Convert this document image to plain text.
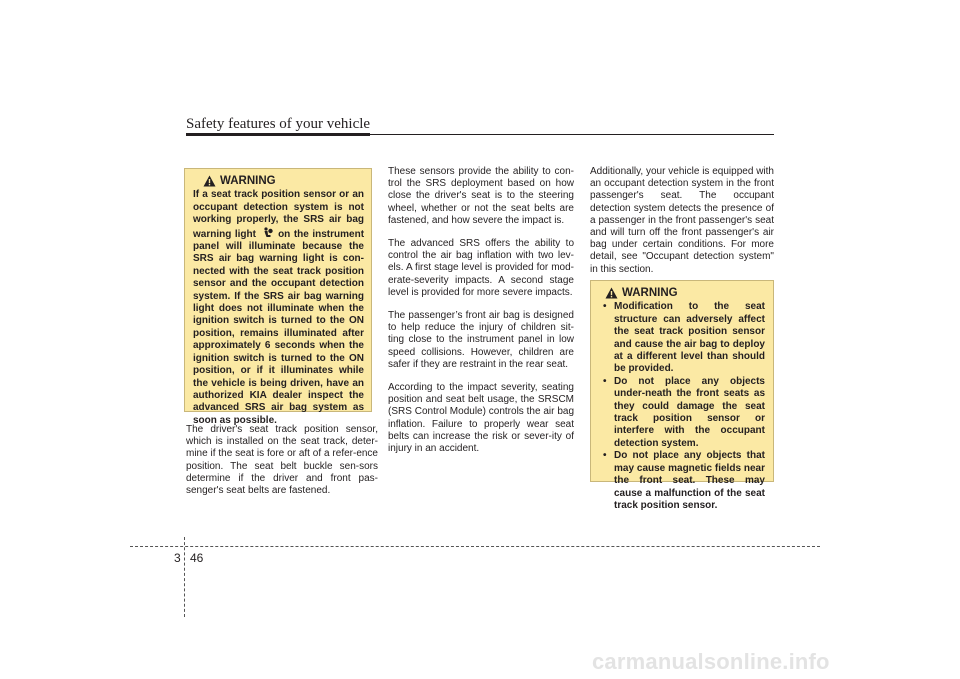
Safety features of your vehicle
WARNING
If a seat track position sensor or an occupant detection system is not working properly, the SRS air bag warning light on the instrument panel will illuminate because the SRS air bag warning light is con-nected with the seat track position sensor and the occupant detection system. If the SRS air bag warning light does not illuminate when the ignition switch is turned to the ON position, remains illuminated after approximately 6 seconds when the ignition switch is turned to the ON position, or if it illuminates while the vehicle is being driven, have an authorized KIA dealer inspect the advanced SRS air bag system as soon as possible.

The driver's seat track position sensor, which is installed on the seat track, deter-mine if the seat is fore or aft of a refer-ence position. The seat belt buckle sen-sors determine if the driver and front pas-senger's seat belts are fastened.

These sensors provide the ability to con-trol the SRS deployment based on how close the driver's seat is to the steering wheel, whether or not the seat belts are fastened, and how severe the impact is.

The advanced SRS offers the ability to control the air bag inflation with two lev-els. A first stage level is provided for mod-erate-severity impacts. A second stage level is provided for more severe impacts.

The passenger’s front air bag is designed to help reduce the injury of children sit-ting close to the instrument panel in low speed collisions. However, children are safer if they are restraint in the rear seat.

According to the impact severity, seating position and seat belt usage, the SRSCM (SRS Control Module) controls the air bag inflation. Failure to properly wear seat belts can increase the risk or sever-ity of injury in an accident.

Additionally, your vehicle is equipped with an occupant detection system in the front passenger's seat. The occupant detection system detects the presence of a passenger in the front passenger's seat and will turn off the front passenger's air bag under certain conditions. For more detail, see "Occupant detection system" in this section.

WARNING
• Modification to the seat structure can adversely affect the seat track position sensor and cause the air bag to deploy at a different level than should be provided.
• Do not place any objects under-neath the front seats as they could damage the seat track position sensor or interfere with the occupant detection system.
• Do not place any objects that may cause magnetic fields near the front seat. These may cause a malfunction of the seat track position sensor.
3 46
carmanualsonline.info
